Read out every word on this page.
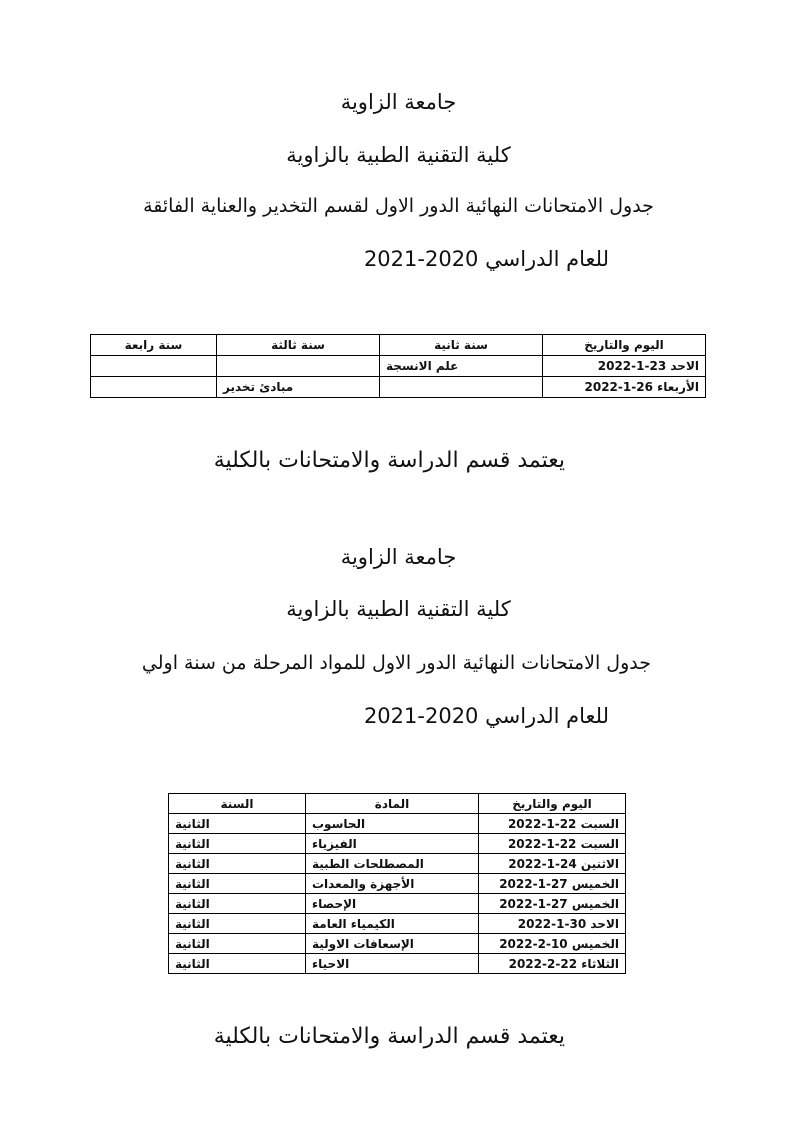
جامعة الزاوية
كلية التقنية الطبية بالزاوية
جدول الامتحانات النهائية الدور الاول لقسم التخدير والعناية الفائقة
للعام الدراسي 2020-2021
اليوم والتاريخ	سنة ثانية	سنة ثالثة	سنة رابعة
الاحد 23-1-2022	علم الانسجة		
الأربعاء 26-1-2022		مبادئ تخدير	
يعتمد قسم الدراسة والامتحانات بالكلية
جامعة الزاوية
كلية التقنية الطبية بالزاوية
جدول الامتحانات النهائية الدور الاول للمواد المرحلة من سنة اولي
للعام الدراسي 2020-2021
اليوم والتاريخ	المادة	السنة
السبت 22-1-2022	الحاسوب	الثانية
السبت 22-1-2022	الفيزياء	الثانية
الاثنين 24-1-2022	المصطلحات الطبية	الثانية
الخميس 27-1-2022	الأجهزة والمعدات	الثانية
الخميس 27-1-2022	الإحصاء	الثانية
الاحد 30-1-2022	الكيمياء العامة	الثانية
الخميس 10-2-2022	الإسعافات الاولية	الثانية
الثلاثاء 22-2-2022	الاحياء	الثانية
يعتمد قسم الدراسة والامتحانات بالكلية
